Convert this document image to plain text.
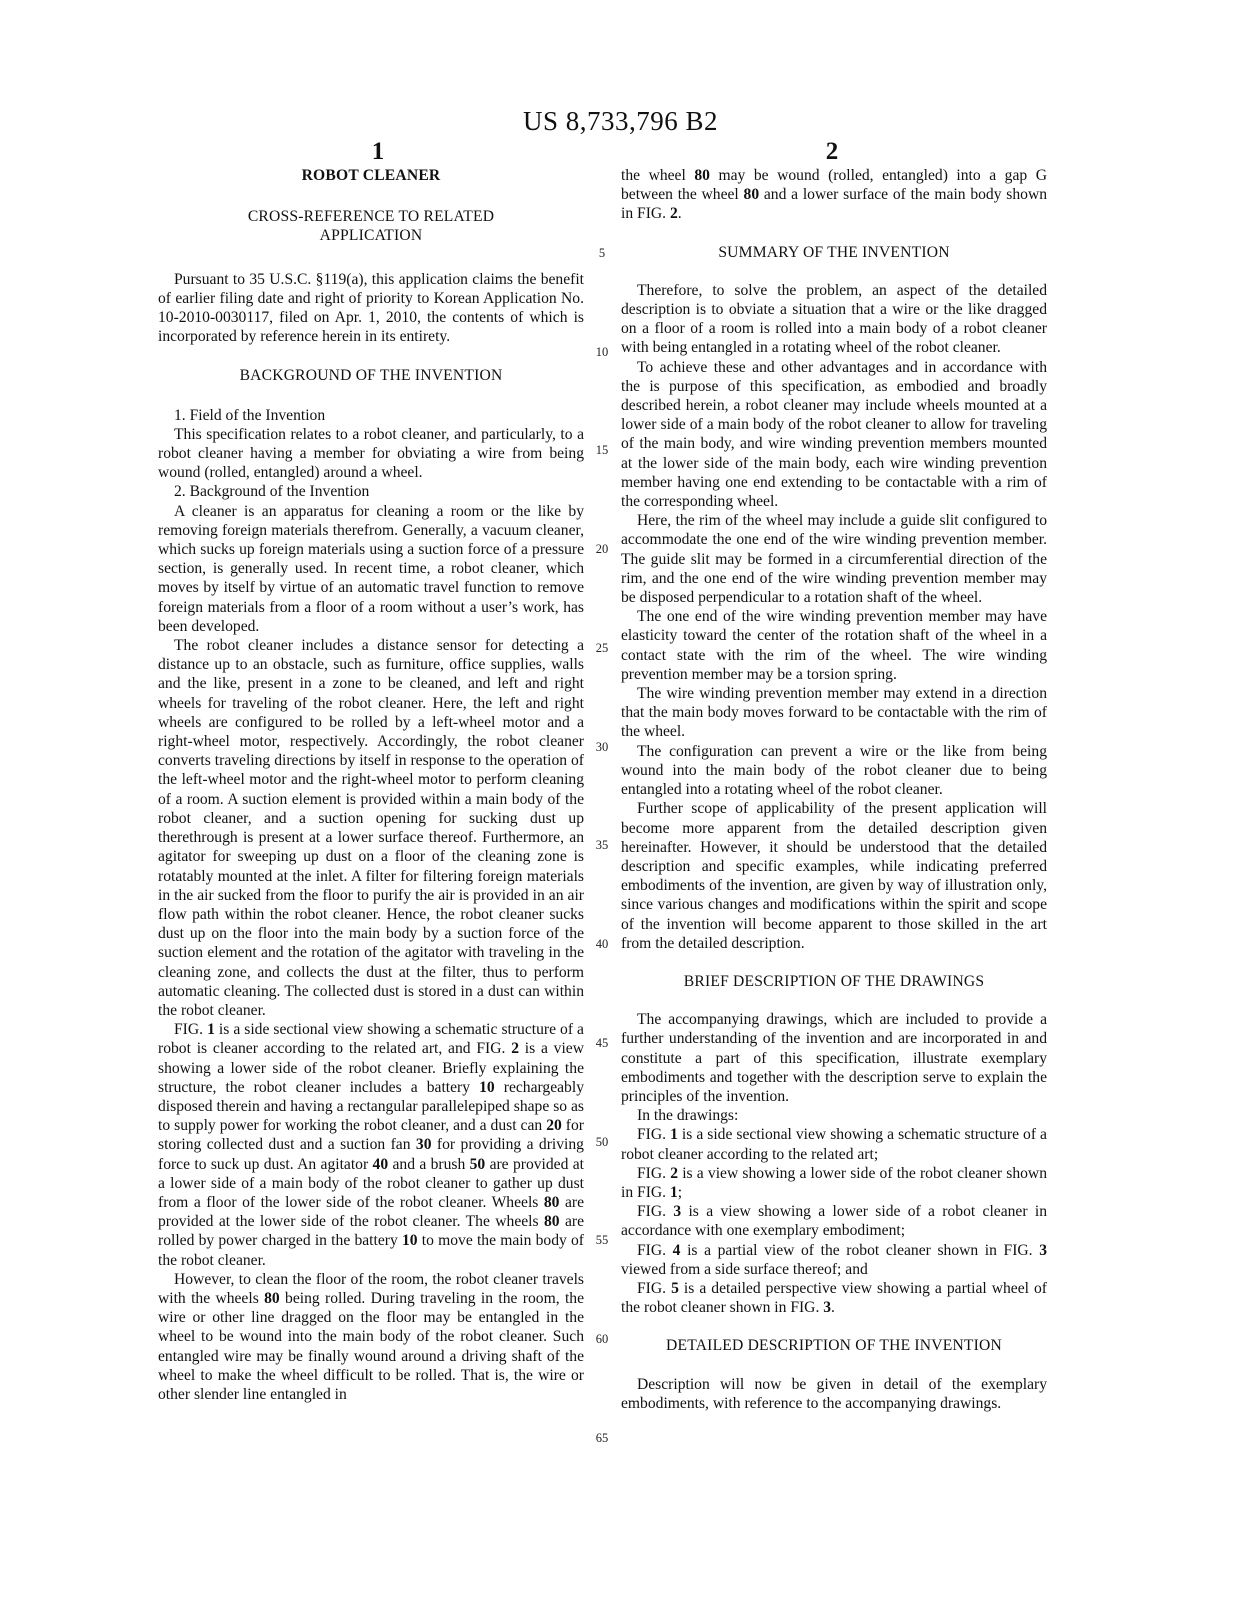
US 8,733,796 B2
1	2
ROBOT CLEANER
CROSS-REFERENCE TO RELATED
APPLICATION

Pursuant to 35 U.S.C. §119(a), this application claims the benefit of earlier filing date and right of priority to Korean Application No. 10-2010-0030117, filed on Apr. 1, 2010, the contents of which is incorporated by reference herein in its entirety.

BACKGROUND OF THE INVENTION

1. Field of the Invention

This specification relates to a robot cleaner, and particularly, to a robot cleaner having a member for obviating a wire from being wound (rolled, entangled) around a wheel.

2. Background of the Invention

A cleaner is an apparatus for cleaning a room or the like by removing foreign materials therefrom. Generally, a vacuum cleaner, which sucks up foreign materials using a suction force of a pressure section, is generally used. In recent time, a robot cleaner, which moves by itself by virtue of an automatic travel function to remove foreign materials from a floor of a room without a user’s work, has been developed.

The robot cleaner includes a distance sensor for detecting a distance up to an obstacle, such as furniture, office supplies, walls and the like, present in a zone to be cleaned, and left and right wheels for traveling of the robot cleaner. Here, the left and right wheels are configured to be rolled by a left-wheel motor and a right-wheel motor, respectively. Accordingly, the robot cleaner converts traveling directions by itself in response to the operation of the left-wheel motor and the right-wheel motor to perform cleaning of a room. A suction element is provided within a main body of the robot cleaner, and a suction opening for sucking dust up therethrough is present at a lower surface thereof. Furthermore, an agitator for sweeping up dust on a floor of the cleaning zone is rotatably mounted at the inlet. A filter for filtering foreign materials in the air sucked from the floor to purify the air is provided in an air flow path within the robot cleaner. Hence, the robot cleaner sucks dust up on the floor into the main body by a suction force of the suction element and the rotation of the agitator with traveling in the cleaning zone, and collects the dust at the filter, thus to perform automatic cleaning. The collected dust is stored in a dust can within the robot cleaner.

FIG. 1 is a side sectional view showing a schematic structure of a robot is cleaner according to the related art, and FIG. 2 is a view showing a lower side of the robot cleaner. Briefly explaining the structure, the robot cleaner includes a battery 10 rechargeably disposed therein and having a rectangular parallelepiped shape so as to supply power for working the robot cleaner, and a dust can 20 for storing collected dust and a suction fan 30 for providing a driving force to suck up dust. An agitator 40 and a brush 50 are provided at a lower side of a main body of the robot cleaner to gather up dust from a floor of the lower side of the robot cleaner. Wheels 80 are provided at the lower side of the robot cleaner. The wheels 80 are rolled by power charged in the battery 10 to move the main body of the robot cleaner.

However, to clean the floor of the room, the robot cleaner travels with the wheels 80 being rolled. During traveling in the room, the wire or other line dragged on the floor may be entangled in the wheel to be wound into the main body of the robot cleaner. Such entangled wire may be finally wound around a driving shaft of the wheel to make the wheel difficult to be rolled. That is, the wire or other slender line entangled in

5
10
15
20
25
30
35
40
45
50
55
60
65

the wheel 80 may be wound (rolled, entangled) into a gap G between the wheel 80 and a lower surface of the main body shown in FIG. 2.

SUMMARY OF THE INVENTION

Therefore, to solve the problem, an aspect of the detailed description is to obviate a situation that a wire or the like dragged on a floor of a room is rolled into a main body of a robot cleaner with being entangled in a rotating wheel of the robot cleaner.

To achieve these and other advantages and in accordance with the is purpose of this specification, as embodied and broadly described herein, a robot cleaner may include wheels mounted at a lower side of a main body of the robot cleaner to allow for traveling of the main body, and wire winding prevention members mounted at the lower side of the main body, each wire winding prevention member having one end extending to be contactable with a rim of the corresponding wheel.

Here, the rim of the wheel may include a guide slit configured to accommodate the one end of the wire winding prevention member. The guide slit may be formed in a circumferential direction of the rim, and the one end of the wire winding prevention member may be disposed perpendicular to a rotation shaft of the wheel.

The one end of the wire winding prevention member may have elasticity toward the center of the rotation shaft of the wheel in a contact state with the rim of the wheel. The wire winding prevention member may be a torsion spring.

The wire winding prevention member may extend in a direction that the main body moves forward to be contactable with the rim of the wheel.

The configuration can prevent a wire or the like from being wound into the main body of the robot cleaner due to being entangled into a rotating wheel of the robot cleaner.

Further scope of applicability of the present application will become more apparent from the detailed description given hereinafter. However, it should be understood that the detailed description and specific examples, while indicating preferred embodiments of the invention, are given by way of illustration only, since various changes and modifications within the spirit and scope of the invention will become apparent to those skilled in the art from the detailed description.

BRIEF DESCRIPTION OF THE DRAWINGS

The accompanying drawings, which are included to provide a further understanding of the invention and are incorporated in and constitute a part of this specification, illustrate exemplary embodiments and together with the description serve to explain the principles of the invention.

In the drawings:

FIG. 1 is a side sectional view showing a schematic structure of a robot cleaner according to the related art;

FIG. 2 is a view showing a lower side of the robot cleaner shown in FIG. 1;

FIG. 3 is a view showing a lower side of a robot cleaner in accordance with one exemplary embodiment;

FIG. 4 is a partial view of the robot cleaner shown in FIG. 3 viewed from a side surface thereof; and

FIG. 5 is a detailed perspective view showing a partial wheel of the robot cleaner shown in FIG. 3.

DETAILED DESCRIPTION OF THE INVENTION

Description will now be given in detail of the exemplary embodiments, with reference to the accompanying drawings.
